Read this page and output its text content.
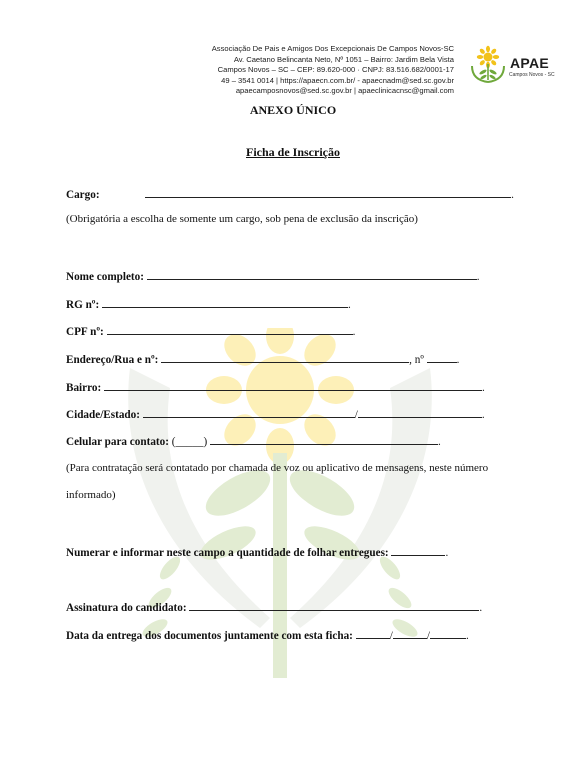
Associação De Pais e Amigos Dos Excepcionais De Campos Novos-SC
Av. Caetano Belincanta Neto, Nº 1051 – Bairro: Jardim Bela Vista
Campos Novos – SC – CEP: 89.620-000 · CNPJ: 83.516.682/0001-17
49 – 3541 0014 | https://apaecn.com.br/ - apaecnadm@sed.sc.gov.br
apaecamposnovos@sed.sc.gov.br | apaeclinicacnsc@gmail.com
APAE
Campos Novos - SC
ANEXO ÚNICO
Ficha de Inscrição
Cargo:	.
(Obrigatória a escolha de somente um cargo, sob pena de exclusão da inscrição)
Nome completo:	.
RG nº:	.
CPF nº:	.
Endereço/Rua e nº:	, nº	.
Bairro:	.
Cidade/Estado:	/	.
Celular para contato: (_____)	.
(Para contratação será contatado por chamada de voz ou aplicativo de mensagens, neste número
informado)
Numerar e informar neste campo a quantidade de folhar entregues:	.
Assinatura do candidato:	.
Data da entrega dos documentos juntamente com esta ficha:	/	/	.
